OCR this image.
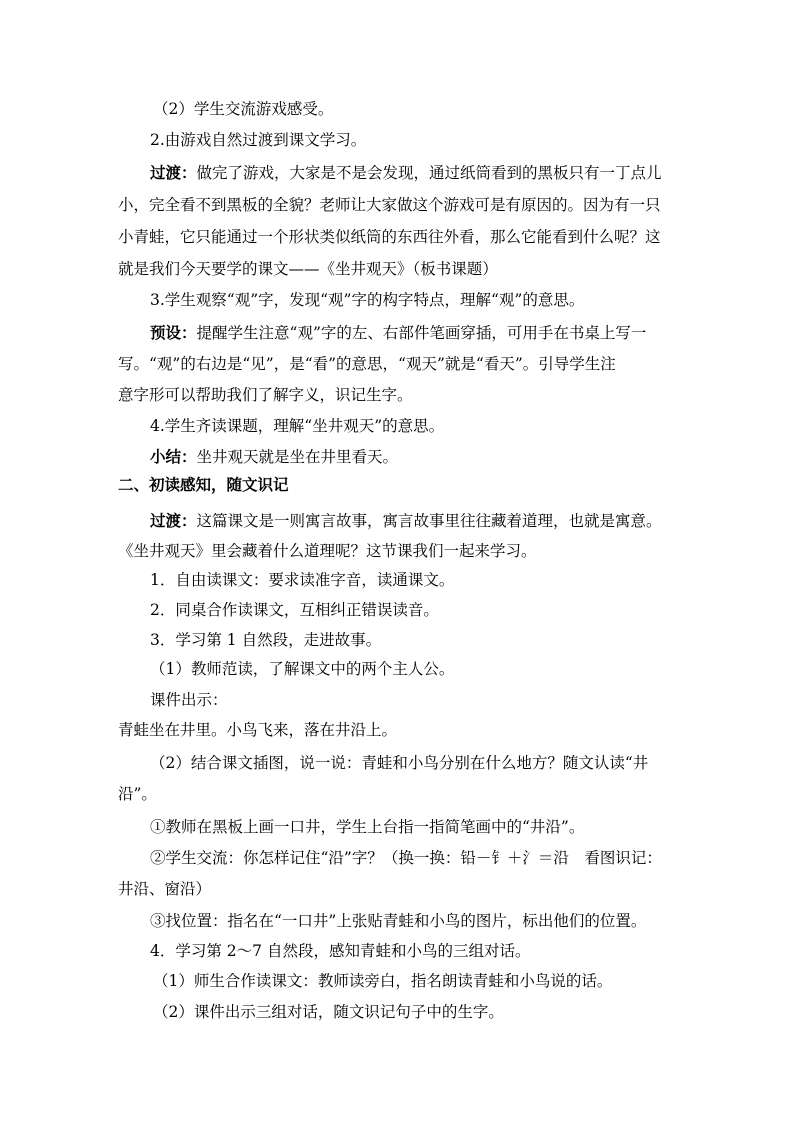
（2）学生交流游戏感受。
2.由游戏自然过渡到课文学习。
过渡：做完了游戏，大家是不是会发现，通过纸筒看到的黑板只有一丁点儿
小，完全看不到黑板的全貌？老师让大家做这个游戏可是有原因的。因为有一只
小青蛙，它只能通过一个形状类似纸筒的东西往外看，那么它能看到什么呢？这
就是我们今天要学的课文——《坐井观天》（板书课题）
3.学生观察“观”字，发现“观”字的构字特点，理解“观”的意思。
预设：提醒学生注意“观”字的左、右部件笔画穿插，可用手在书桌上写一
写。“观”的右边是“见”，是“看”的意思，“观天”就是“看天”。引导学生注
意字形可以帮助我们了解字义，识记生字。
4.学生齐读课题，理解“坐井观天”的意思。
小结：坐井观天就是坐在井里看天。
二、初读感知，随文识记
过渡：这篇课文是一则寓言故事，寓言故事里往往藏着道理，也就是寓意。
《坐井观天》里会藏着什么道理呢？这节课我们一起来学习。
1．自由读课文：要求读准字音，读通课文。
2．同桌合作读课文，互相纠正错误读音。
3．学习第 1 自然段，走进故事。
（1）教师范读，了解课文中的两个主人公。
课件出示：
青蛙坐在井里。小鸟飞来，落在井沿上。
（2）结合课文插图，说一说：青蛙和小鸟分别在什么地方？随文认读“井
沿”。
①教师在黑板上画一口井，学生上台指一指简笔画中的“井沿”。
②学生交流：你怎样记住“沿”字？（换一换：铅－钅＋氵＝沿　看图识记：
井沿、窗沿）
③找位置：指名在“一口井”上张贴青蛙和小鸟的图片，标出他们的位置。
4．学习第 2～7 自然段，感知青蛙和小鸟的三组对话。
（1）师生合作读课文：教师读旁白，指名朗读青蛙和小鸟说的话。
（2）课件出示三组对话，随文识记句子中的生字。
